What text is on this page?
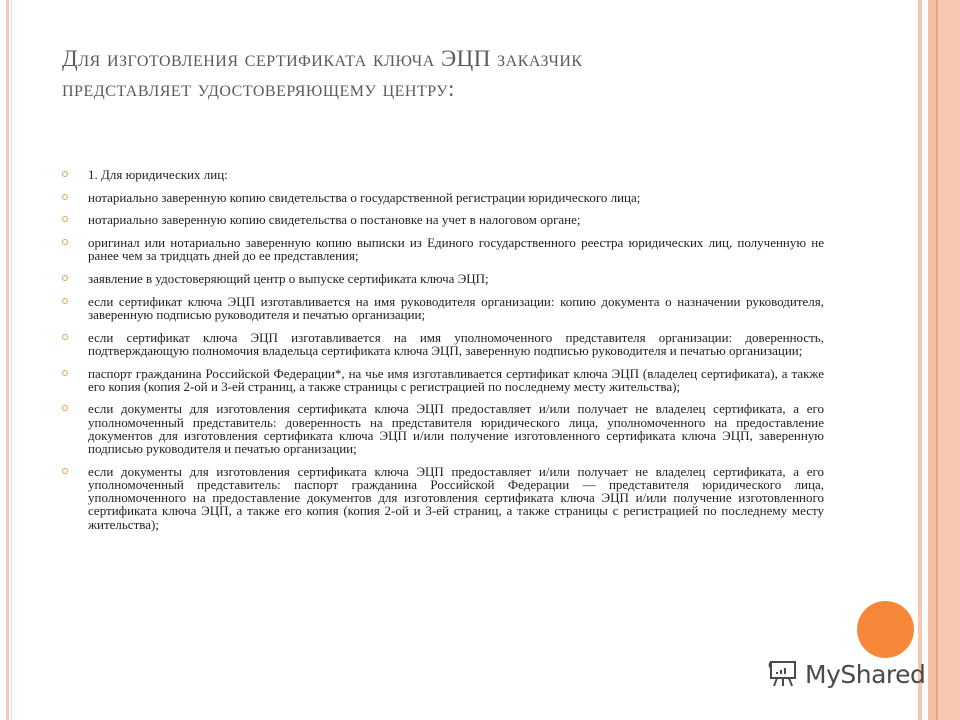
Для изготовления сертификата ключа ЭЦП заказчик
представляет удостоверяющему центру:
1. Для юридических лиц:
нотариально заверенную копию свидетельства о государственной регистрации юридического лица;
нотариально заверенную копию свидетельства о постановке на учет в налоговом органе;
оригинал или нотариально заверенную копию выписки из Единого государственного реестра юридических лиц, полученную не ранее чем за тридцать дней до ее представления;
заявление в удостоверяющий центр о выпуске сертификата ключа ЭЦП;
если сертификат ключа ЭЦП изготавливается на имя руководителя организации: копию документа о назначении руководителя, заверенную подписью руководителя и печатью организации;
если сертификат ключа ЭЦП изготавливается на имя уполномоченного представителя организации: доверенность, подтверждающую полномочия владельца сертификата ключа ЭЦП, заверенную подписью руководителя и печатью организации;
паспорт гражданина Российской Федерации*, на чье имя изготавливается сертификат ключа ЭЦП (владелец сертификата), а также его копия (копия 2-ой и 3-ей страниц, а также страницы с регистрацией по последнему месту жительства);
если документы для изготовления сертификата ключа ЭЦП предоставляет и/или получает не владелец сертификата, а его уполномоченный представитель: доверенность на представителя юридического лица, уполномоченного на предоставление документов для изготовления сертификата ключа ЭЦП и/или получение изготовленного сертификата ключа ЭЦП, заверенную подписью руководителя и печатью организации;
если документы для изготовления сертификата ключа ЭЦП предоставляет и/или получает не владелец сертификата, а его уполномоченный представитель: паспорт гражданина Российской Федерации — представителя юридического лица, уполномоченного на предоставление документов для изготовления сертификата ключа ЭЦП и/или получение изготовленного сертификата ключа ЭЦП, а также его копия (копия 2-ой и 3-ей страниц, а также страницы с регистрацией по последнему месту жительства);
MyShared
